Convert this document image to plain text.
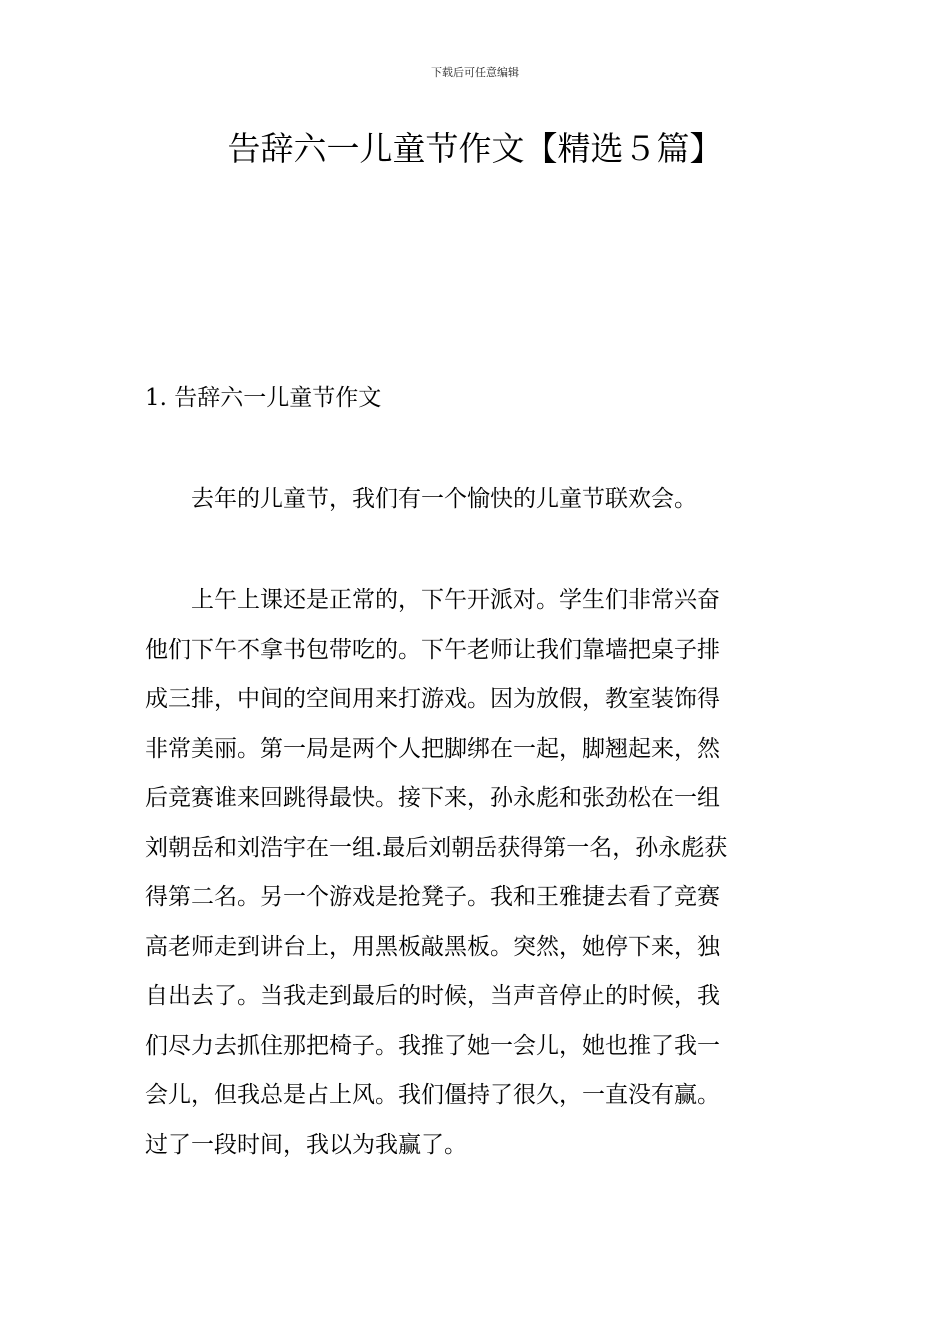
下载后可任意编辑
告辞六一儿童节作文【精选５篇】
1. 告辞六一儿童节作文

去年的儿童节，我们有一个愉快的儿童节联欢会。

上午上课还是正常的，下午开派对。学生们非常兴奋
他们下午不拿书包带吃的。下午老师让我们靠墙把桌子排
成三排，中间的空间用来打游戏。因为放假，教室装饰得
非常美丽。第一局是两个人把脚绑在一起，脚翘起来，然
后竞赛谁来回跳得最快。接下来，孙永彪和张劲松在一组
刘朝岳和刘浩宇在一组.最后刘朝岳获得第一名，孙永彪获
得第二名。另一个游戏是抢凳子。我和王雅捷去看了竞赛
高老师走到讲台上，用黑板敲黑板。突然，她停下来，独
自出去了。当我走到最后的时候，当声音停止的时候，我
们尽力去抓住那把椅子。我推了她一会儿，她也推了我一
会儿，但我总是占上风。我们僵持了很久，一直没有赢。
过了一段时间，我以为我赢了。
